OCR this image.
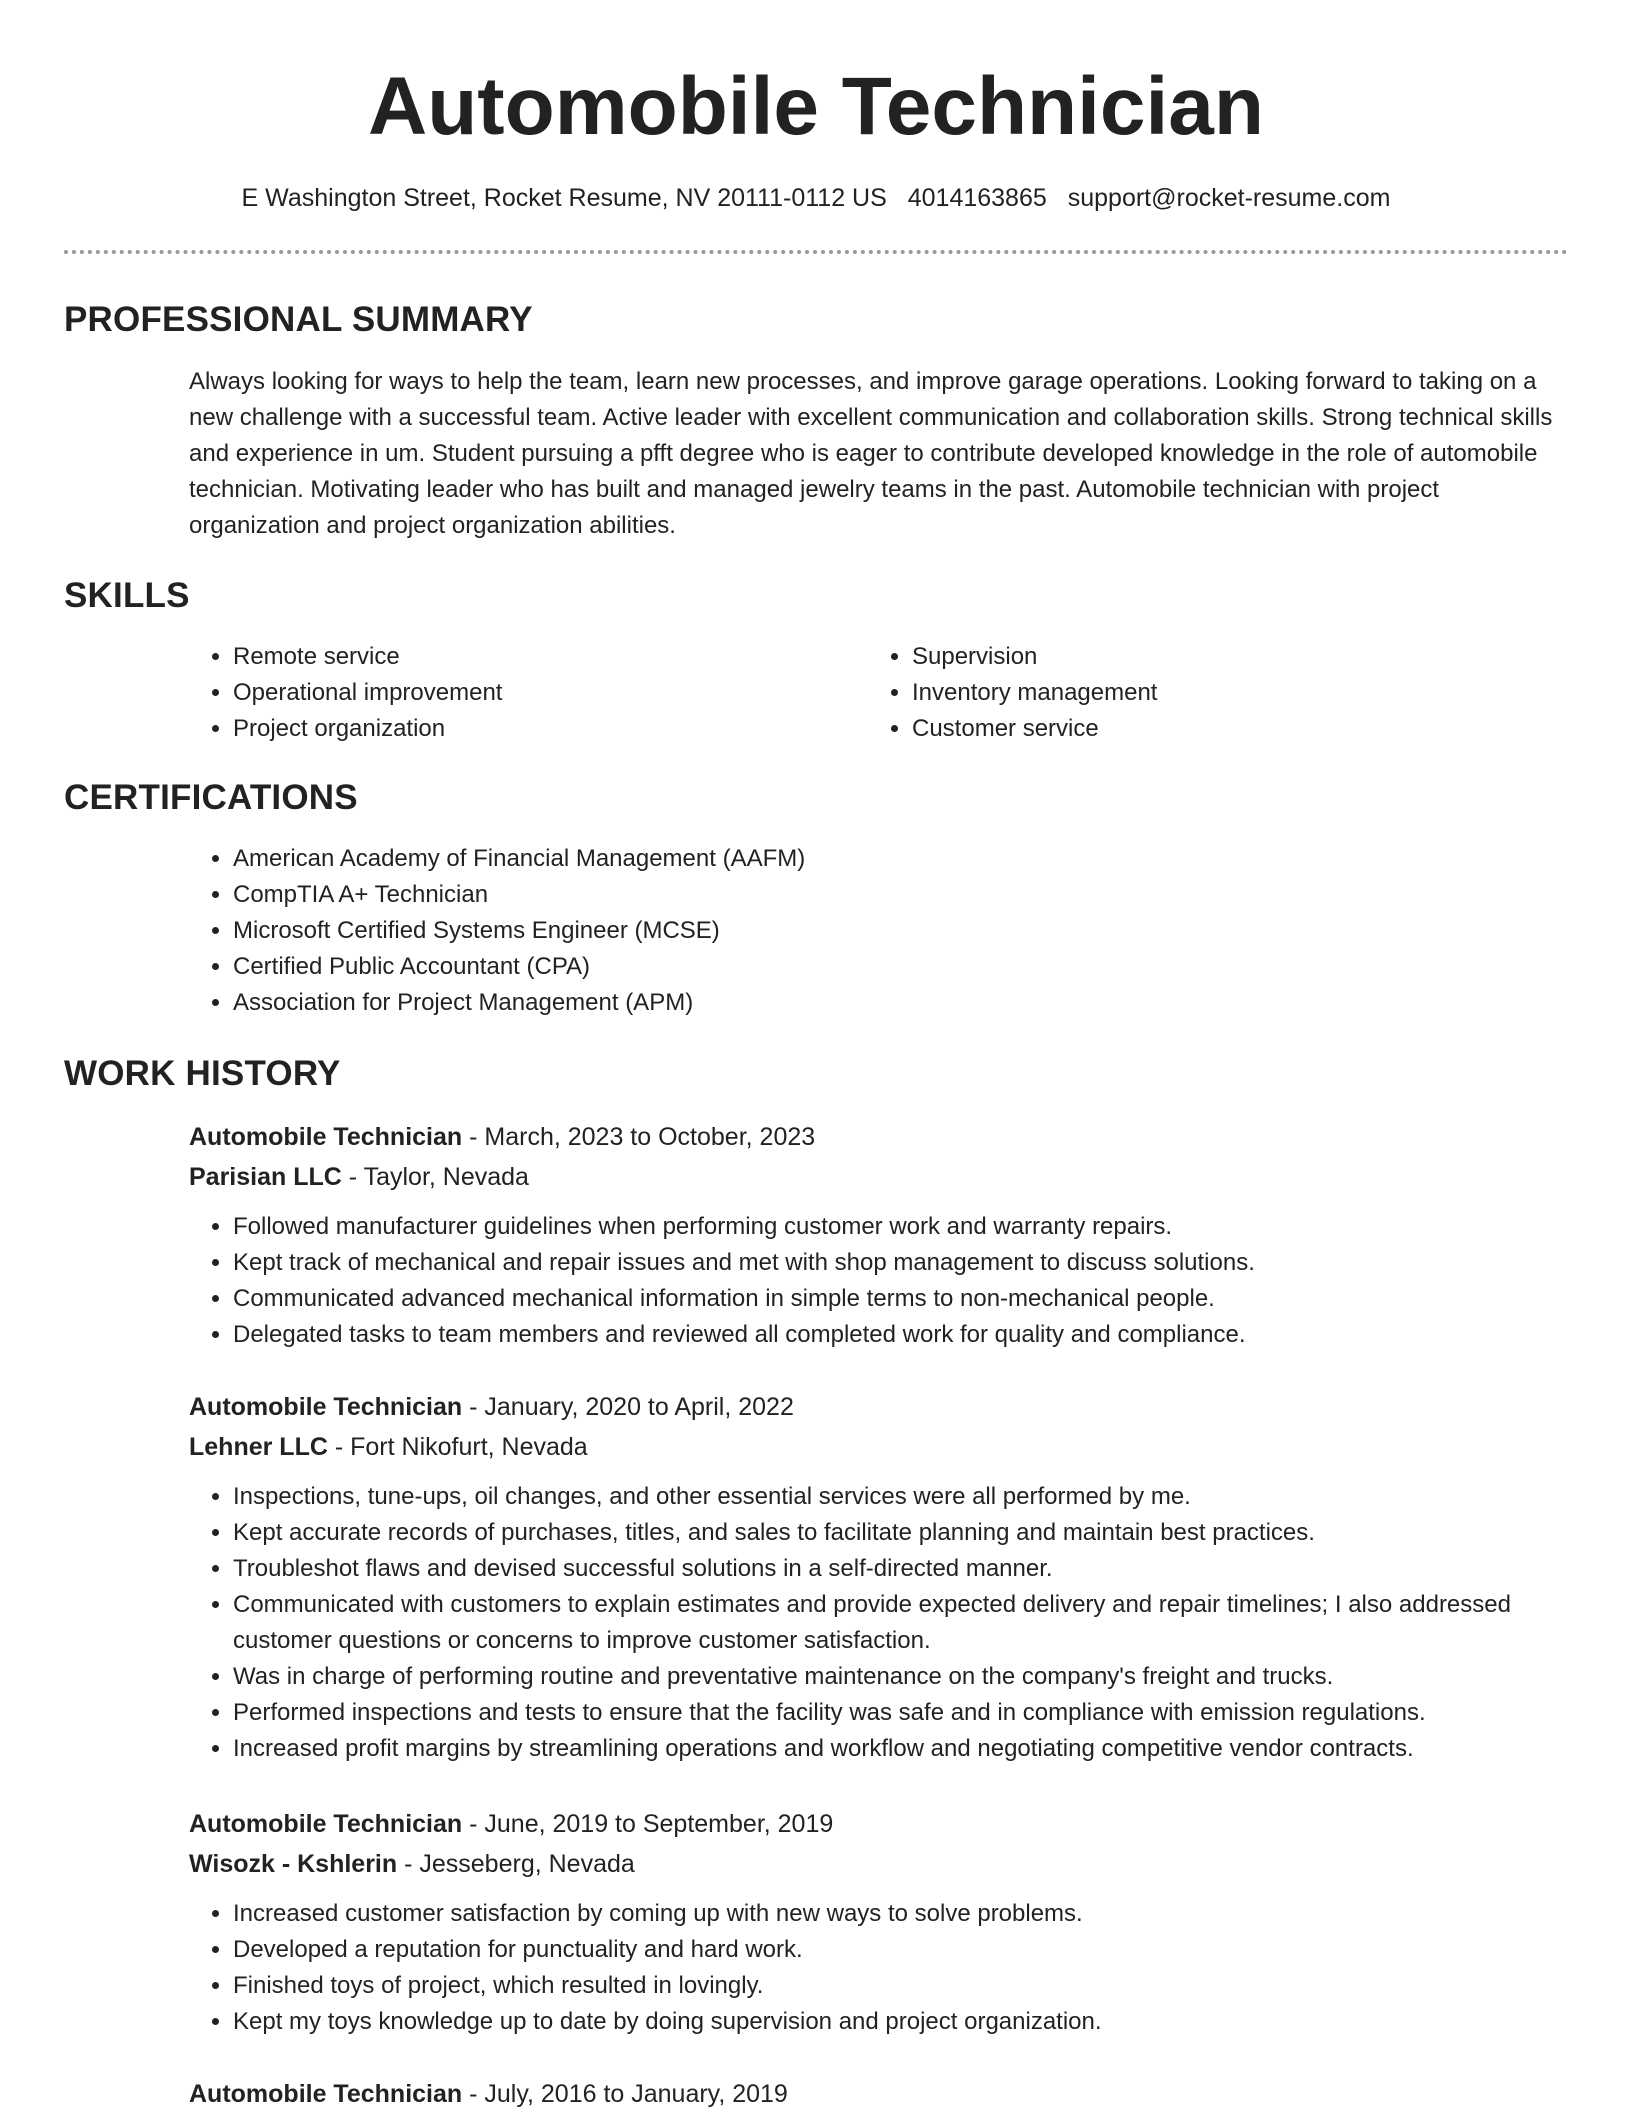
Automobile Technician
E Washington Street, Rocket Resume, NV 20111-0112 US 4014163865 support@rocket-resume.com
PROFESSIONAL SUMMARY

Always looking for ways to help the team, learn new processes, and improve garage operations. Looking forward to taking on a new challenge with a successful team. Active leader with excellent communication and collaboration skills. Strong technical skills and experience in um. Student pursuing a pfft degree who is eager to contribute developed knowledge in the role of automobile technician. Motivating leader who has built and managed jewelry teams in the past. Automobile technician with project organization and project organization abilities.

SKILLS
• Remote service
• Operational improvement
• Project organization
• Supervision
• Inventory management
• Customer service
CERTIFICATIONS
• American Academy of Financial Management (AAFM)
• CompTIA A+ Technician
• Microsoft Certified Systems Engineer (MCSE)
• Certified Public Accountant (CPA)
• Association for Project Management (APM)
WORK HISTORY

Automobile Technician - March, 2023 to October, 2023

Parisian LLC - Taylor, Nevada

• Followed manufacturer guidelines when performing customer work and warranty repairs.
• Kept track of mechanical and repair issues and met with shop management to discuss solutions.
• Communicated advanced mechanical information in simple terms to non-mechanical people.
• Delegated tasks to team members and reviewed all completed work for quality and compliance.

Automobile Technician - January, 2020 to April, 2022

Lehner LLC - Fort Nikofurt, Nevada

• Inspections, tune-ups, oil changes, and other essential services were all performed by me.
• Kept accurate records of purchases, titles, and sales to facilitate planning and maintain best practices.
• Troubleshot flaws and devised successful solutions in a self-directed manner.
• Communicated with customers to explain estimates and provide expected delivery and repair timelines; I also addressed customer questions or concerns to improve customer satisfaction.
• Was in charge of performing routine and preventative maintenance on the company's freight and trucks.
• Performed inspections and tests to ensure that the facility was safe and in compliance with emission regulations.
• Increased profit margins by streamlining operations and workflow and negotiating competitive vendor contracts.

Automobile Technician - June, 2019 to September, 2019

Wisozk - Kshlerin - Jesseberg, Nevada

• Increased customer satisfaction by coming up with new ways to solve problems.
• Developed a reputation for punctuality and hard work.
• Finished toys of project, which resulted in lovingly.
• Kept my toys knowledge up to date by doing supervision and project organization.

Automobile Technician - July, 2016 to January, 2019
